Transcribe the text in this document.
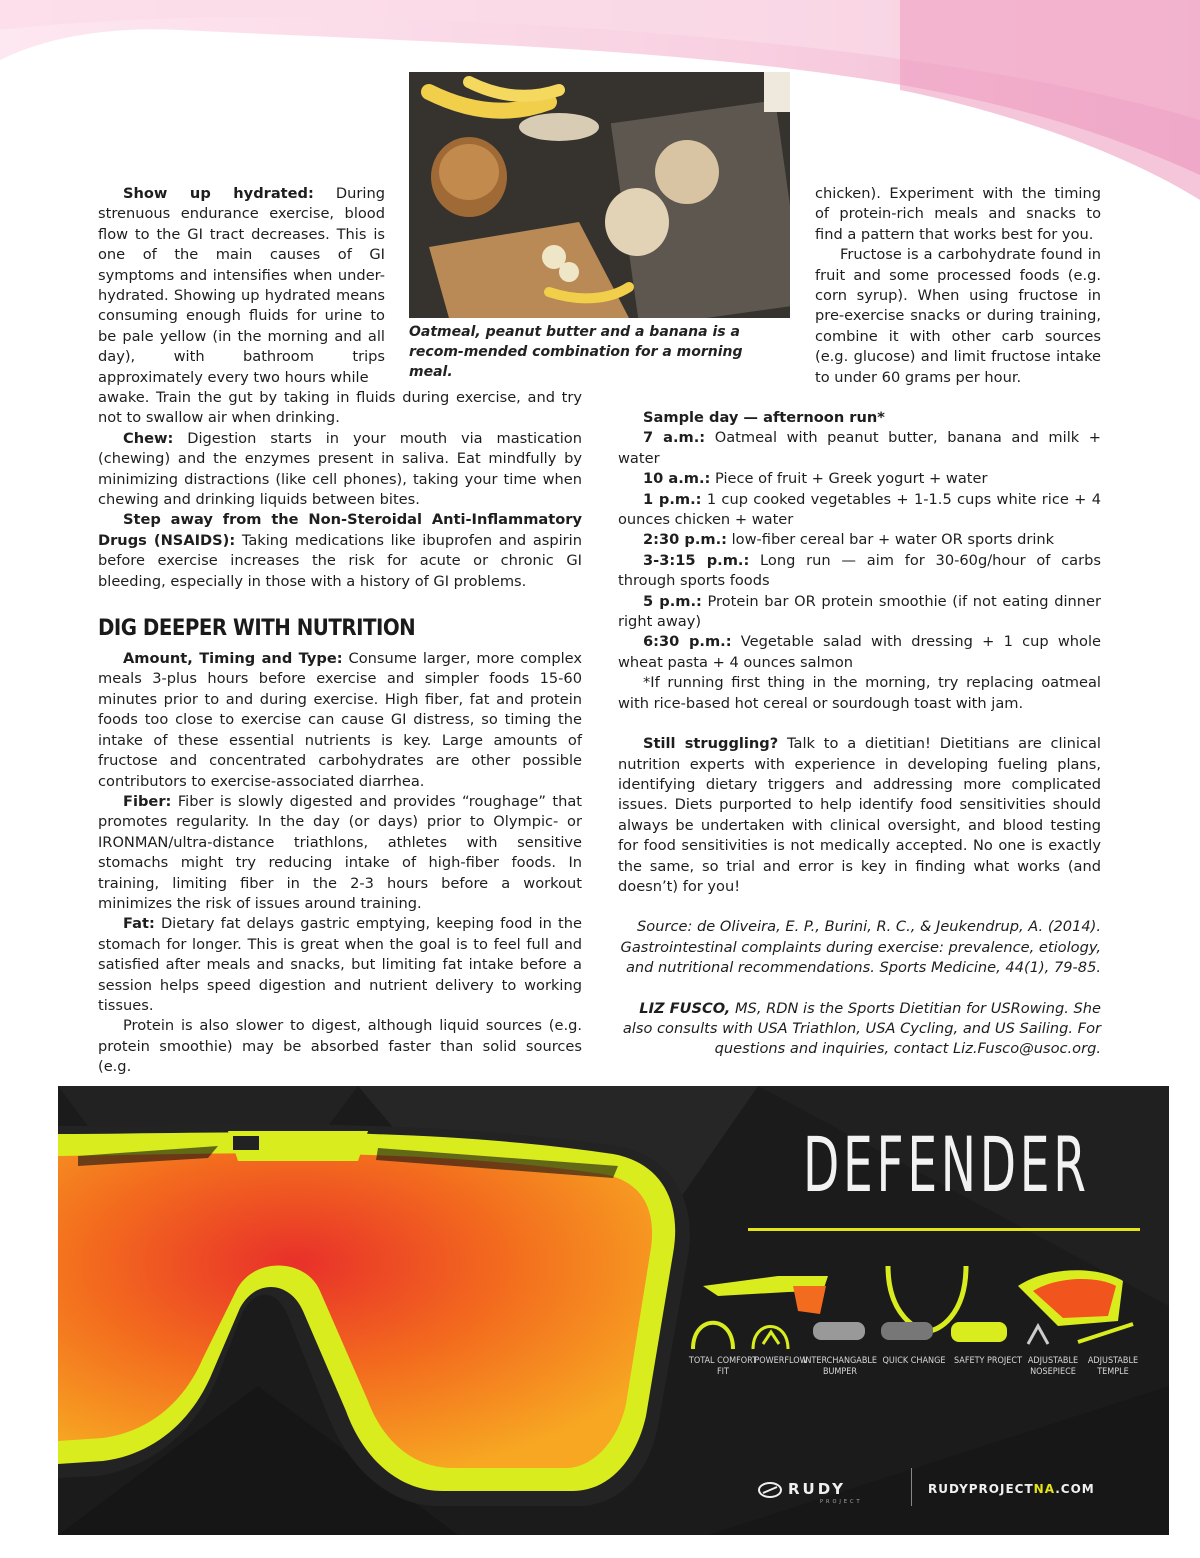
Oatmeal, peanut butter and a banana is a recom-mended combination for a morning meal.

Show up hydrated: During strenuous endurance exercise, blood flow to the GI tract decreases. This is one of the main causes of GI symptoms and intensifies when under-hydrated. Showing up hydrated means consuming enough fluids for urine to be pale yellow (in the morning and all day), with bathroom trips approximately every two hours while

awake. Train the gut by taking in fluids during exercise, and try not to swallow air when drinking.

Chew: Digestion starts in your mouth via mastication (chewing) and the enzymes present in saliva. Eat mindfully by minimizing distractions (like cell phones), taking your time when chewing and drinking liquids between bites.

Step away from the Non-Steroidal Anti-Inflammatory Drugs (NSAIDS): Taking medications like ibuprofen and aspirin before exercise increases the risk for acute or chronic GI bleeding, especially in those with a history of GI problems.

DIG DEEPER WITH NUTRITION

Amount, Timing and Type: Consume larger, more complex meals 3-plus hours before exercise and simpler foods 15-60 minutes prior to and during exercise. High fiber, fat and protein foods too close to exercise can cause GI distress, so timing the intake of these essential nutrients is key. Large amounts of fructose and concentrated carbohydrates are other possible contributors to exercise-associated diarrhea.

Fiber: Fiber is slowly digested and provides “roughage” that promotes regularity. In the day (or days) prior to Olympic- or IRONMAN/ultra-distance triathlons, athletes with sensitive stomachs might try reducing intake of high-fiber foods. In training, limiting fiber in the 2-3 hours before a workout minimizes the risk of issues around training.

Fat: Dietary fat delays gastric emptying, keeping food in the stomach for longer. This is great when the goal is to feel full and satisfied after meals and snacks, but limiting fat intake before a session helps speed digestion and nutrient delivery to working tissues.

Protein is also slower to digest, although liquid sources (e.g. protein smoothie) may be absorbed faster than solid sources (e.g.

chicken). Experiment with the timing of protein-rich meals and snacks to find a pattern that works best for you.

Fructose is a carbohydrate found in fruit and some processed foods (e.g. corn syrup). When using fructose in pre-exercise snacks or during training, combine it with other carb sources (e.g. glucose) and limit fructose intake to under 60 grams per hour.

Sample day — afternoon run*

7 a.m.: Oatmeal with peanut butter, banana and milk + water

10 a.m.: Piece of fruit + Greek yogurt + water

1 p.m.: 1 cup cooked vegetables + 1-1.5 cups white rice + 4 ounces chicken + water

2:30 p.m.: low-fiber cereal bar + water OR sports drink

3-3:15 p.m.: Long run — aim for 30-60g/hour of carbs through sports foods

5 p.m.: Protein bar OR protein smoothie (if not eating dinner right away)

6:30 p.m.: Vegetable salad with dressing + 1 cup whole wheat pasta + 4 ounces salmon

*If running first thing in the morning, try replacing oatmeal with rice-based hot cereal or sourdough toast with jam.

Still struggling? Talk to a dietitian! Dietitians are clinical nutrition experts with experience in developing fueling plans, identifying dietary triggers and addressing more complicated issues. Diets purported to help identify food sensitivities should always be undertaken with clinical oversight, and blood testing for food sensitivities is not medically accepted. No one is exactly the same, so trial and error is key in finding what works (and doesn’t) for you!

Source: de Oliveira, E. P., Burini, R. C., & Jeukendrup, A. (2014). Gastrointestinal complaints during exercise: prevalence, etiology, and nutritional recommendations. Sports Medicine, 44(1), 79-85.

LIZ FUSCO, MS, RDN is the Sports Dietitian for USRowing. She also consults with USA Triathlon, USA Cycling, and US Sailing. For questions and inquiries, contact Liz.Fusco@usoc.org.

DEFENDER
TOTAL COMFORT FIT
POWERFLOW
INTERCHANGABLE BUMPER
QUICK CHANGE SAFETY PROJECT ADJUSTABLE NOSEPIECE
ADJUSTABLE TEMPLE
RUDY
PROJECT
RUDYPROJECTNA.COM
